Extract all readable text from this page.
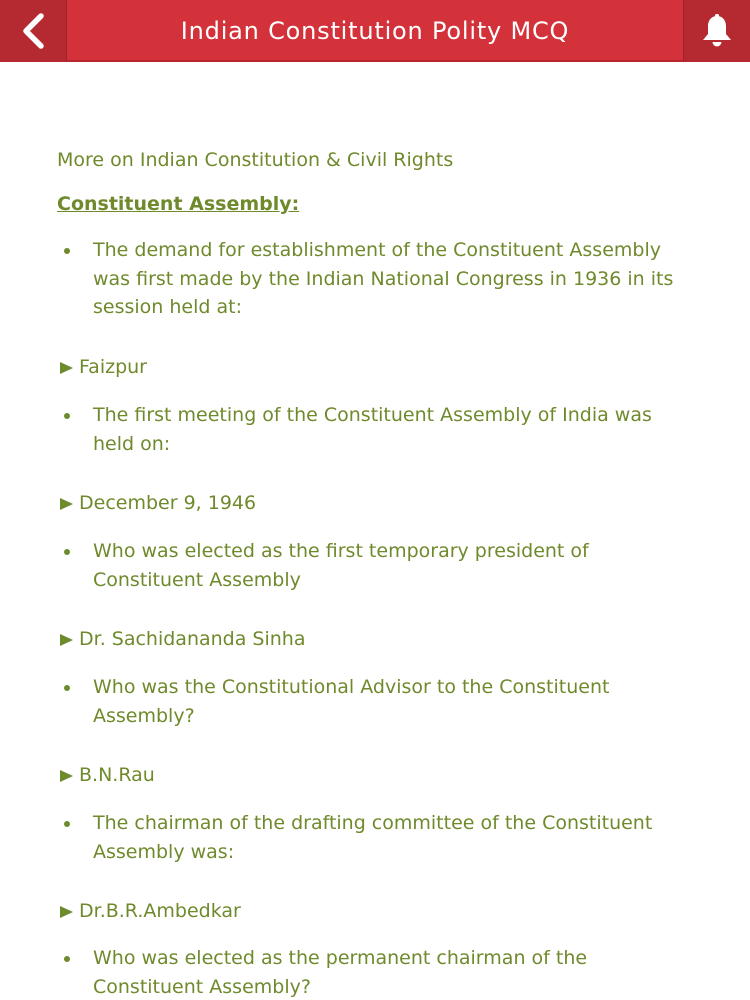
Indian Constitution Polity MCQ
More on Indian Constitution & Civil Rights
Constituent Assembly:
The demand for establishment of the Constituent Assembly was first made by the Indian National Congress in 1936 in its session held at:
Faizpur
The first meeting of the Constituent Assembly of India was held on:
December 9, 1946
Who was elected as the first temporary president of Constituent Assembly
Dr. Sachidananda Sinha
Who was the Constitutional Advisor to the Constituent Assembly?
B.N.Rau
The chairman of the drafting committee of the Constituent Assembly was:
Dr.B.R.Ambedkar
Who was elected as the permanent chairman of the Constituent Assembly?
